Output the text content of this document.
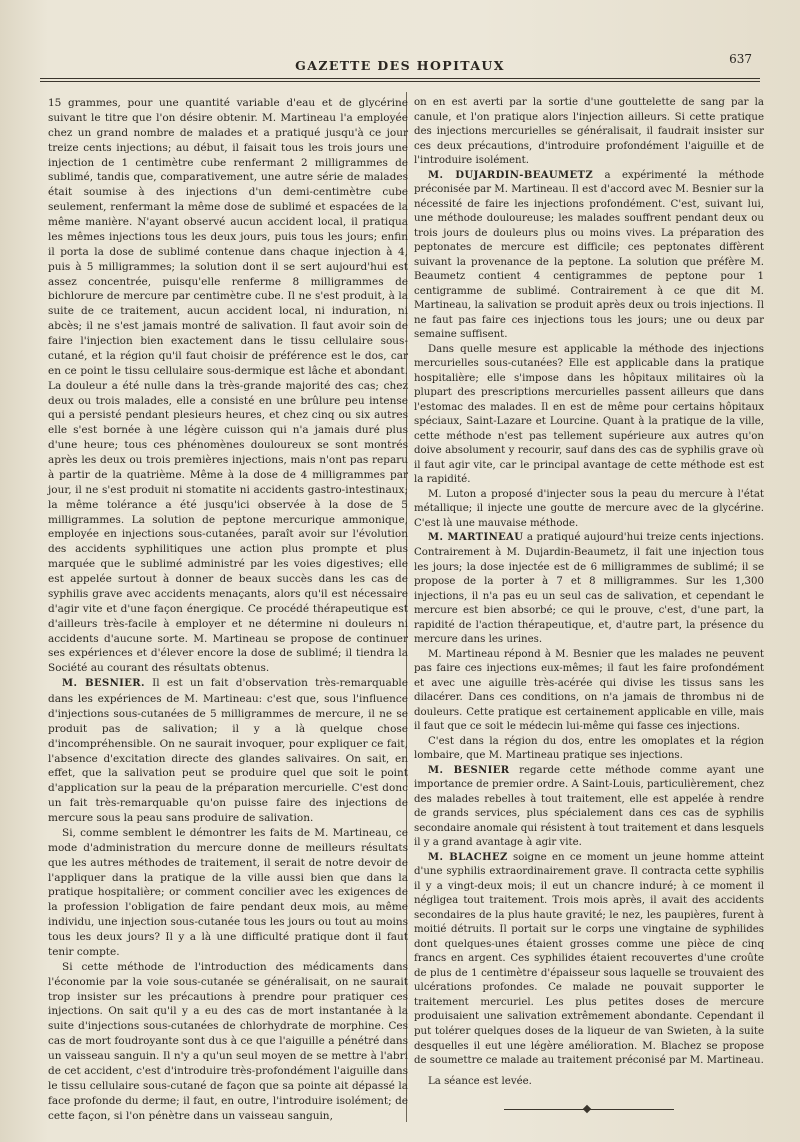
GAZETTE DES HOPITAUX	637

15 grammes, pour une quantité variable d'eau et de glycérine suivant le titre que l'on désire obtenir. M. Martineau l'a employée chez un grand nombre de malades et a pratiqué jusqu'à ce jour treize cents injections; au début, il faisait tous les trois jours une injection de 1 centimètre cube renfermant 2 milligrammes de sublimé, tandis que, comparativement, une autre série de malades était soumise à des injections d'un demi-centimètre cube seulement, renfermant la même dose de sublimé et espacées de la même manière. N'ayant observé aucun accident local, il pratiqua les mêmes injections tous les deux jours, puis tous les jours; enfin il porta la dose de sublimé contenue dans chaque injection à 4, puis à 5 milligrammes; la solution dont il se sert aujourd'hui est assez concentrée, puisqu'elle renferme 8 milligrammes de bichlorure de mercure par centimètre cube. Il ne s'est produit, à la suite de ce traitement, aucun accident local, ni induration, ni abcès; il ne s'est jamais montré de salivation. Il faut avoir soin de faire l'injection bien exactement dans le tissu cellulaire sous-cutané, et la région qu'il faut choisir de préférence est le dos, car en ce point le tissu cellulaire sous-dermique est lâche et abondant. La douleur a été nulle dans la très-grande majorité des cas; chez deux ou trois malades, elle a consisté en une brûlure peu intense qui a persisté pendant plesieurs heures, et chez cinq ou six autres elle s'est bornée à une légère cuisson qui n'a jamais duré plus d'une heure; tous ces phénomènes douloureux se sont montrés après les deux ou trois premières injections, mais n'ont pas reparu à partir de la quatrième. Même à la dose de 4 milligrammes par jour, il ne s'est produit ni stomatite ni accidents gastro-intestinaux; la même tolérance a été jusqu'ici observée à la dose de 5 milligrammes. La solution de peptone mercurique ammonique, employée en injections sous-cutanées, paraît avoir sur l'évolution des accidents syphilitiques une action plus prompte et plus marquée que le sublimé administré par les voies digestives; elle est appelée surtout à donner de beaux succès dans les cas de syphilis grave avec accidents menaçants, alors qu'il est nécessaire d'agir vite et d'une façon énergique. Ce procédé thérapeutique est d'ailleurs très-facile à employer et ne détermine ni douleurs ni accidents d'aucune sorte. M. Martineau se propose de continuer ses expériences et d'élever encore la dose de sublimé; il tiendra la Société au courant des résultats obtenus.

M. BESNIER. Il est un fait d'observation très-remarquable dans les expériences de M. Martineau: c'est que, sous l'influence d'injections sous-cutanées de 5 milligrammes de mercure, il ne se produit pas de salivation; il y a là quelque chose d'incompréhensible. On ne saurait invoquer, pour expliquer ce fait, l'absence d'excitation directe des glandes salivaires. On sait, en effet, que la salivation peut se produire quel que soit le point d'application sur la peau de la préparation mercurielle. C'est donc un fait très-remarquable qu'on puisse faire des injections de mercure sous la peau sans produire de salivation.

Si, comme semblent le démontrer les faits de M. Martineau, ce mode d'administration du mercure donne de meilleurs résultats que les autres méthodes de traitement, il serait de notre devoir de l'appliquer dans la pratique de la ville aussi bien que dans la pratique hospitalière; or comment concilier avec les exigences de la profession l'obligation de faire pendant deux mois, au même individu, une injection sous-cutanée tous les jours ou tout au moins tous les deux jours? Il y a là une difficulté pratique dont il faut tenir compte.

Si cette méthode de l'introduction des médicaments dans l'économie par la voie sous-cutanée se généralisait, on ne saurait trop insister sur les précautions à prendre pour pratiquer ces injections. On sait qu'il y a eu des cas de mort instantanée à la suite d'injections sous-cutanées de chlorhydrate de morphine. Ces cas de mort foudroyante sont dus à ce que l'aiguille a pénétré dans un vaisseau sanguin. Il n'y a qu'un seul moyen de se mettre à l'abri de cet accident, c'est d'introduire très-profondément l'aiguille dans le tissu cellulaire sous-cutané de façon que sa pointe ait dépassé la face profonde du derme; il faut, en outre, l'introduire isolément; de cette façon, si l'on pénètre dans un vaisseau sanguin,

on en est averti par la sortie d'une gouttelette de sang par la canule, et l'on pratique alors l'injection ailleurs. Si cette pratique des injections mercurielles se généralisait, il faudrait insister sur ces deux précautions, d'introduire profondément l'aiguille et de l'introduire isolément.

M. DUJARDIN-BEAUMETZ a expérimenté la méthode préconisée par M. Martineau. Il est d'accord avec M. Besnier sur la nécessité de faire les injections profondément. C'est, suivant lui, une méthode douloureuse; les malades souffrent pendant deux ou trois jours de douleurs plus ou moins vives. La préparation des peptonates de mercure est difficile; ces peptonates diffèrent suivant la provenance de la peptone. La solution que préfère M. Beaumetz contient 4 centigrammes de peptone pour 1 centigramme de sublimé. Contrairement à ce que dit M. Martineau, la salivation se produit après deux ou trois injections. Il ne faut pas faire ces injections tous les jours; une ou deux par semaine suffisent.

Dans quelle mesure est applicable la méthode des injections mercurielles sous-cutanées? Elle est applicable dans la pratique hospitalière; elle s'impose dans les hôpitaux militaires où la plupart des prescriptions mercurielles passent ailleurs que dans l'estomac des malades. Il en est de même pour certains hôpitaux spéciaux, Saint-Lazare et Lourcine. Quant à la pratique de la ville, cette méthode n'est pas tellement supérieure aux autres qu'on doive absolument y recourir, sauf dans des cas de syphilis grave où il faut agir vite, car le principal avantage de cette méthode est est la rapidité.

M. Luton a proposé d'injecter sous la peau du mercure à l'état métallique; il injecte une goutte de mercure avec de la glycérine. C'est là une mauvaise méthode.

M. MARTINEAU a pratiqué aujourd'hui treize cents injections. Contrairement à M. Dujardin-Beaumetz, il fait une injection tous les jours; la dose injectée est de 6 milligrammes de sublimé; il se propose de la porter à 7 et 8 milligrammes. Sur les 1,300 injections, il n'a pas eu un seul cas de salivation, et cependant le mercure est bien absorbé; ce qui le prouve, c'est, d'une part, la rapidité de l'action thérapeutique, et, d'autre part, la présence du mercure dans les urines.

M. Martineau répond à M. Besnier que les malades ne peuvent pas faire ces injections eux-mêmes; il faut les faire profondément et avec une aiguille très-acérée qui divise les tissus sans les dilacérer. Dans ces conditions, on n'a jamais de thrombus ni de douleurs. Cette pratique est certainement applicable en ville, mais il faut que ce soit le médecin lui-même qui fasse ces injections.

C'est dans la région du dos, entre les omoplates et la région lombaire, que M. Martineau pratique ses injections.

M. BESNIER regarde cette méthode comme ayant une importance de premier ordre. A Saint-Louis, particulièrement, chez des malades rebelles à tout traitement, elle est appelée à rendre de grands services, plus spécialement dans ces cas de syphilis secondaire anomale qui résistent à tout traitement et dans lesquels il y a grand avantage à agir vite.

M. BLACHEZ soigne en ce moment un jeune homme atteint d'une syphilis extraordinairement grave. Il contracta cette syphilis il y a vingt-deux mois; il eut un chancre induré; à ce moment il négligea tout traitement. Trois mois après, il avait des accidents secondaires de la plus haute gravité; le nez, les paupières, furent à moitié détruits. Il portait sur le corps une vingtaine de syphilides dont quelques-unes étaient grosses comme une pièce de cinq francs en argent. Ces syphilides étaient recouvertes d'une croûte de plus de 1 centimètre d'épaisseur sous laquelle se trouvaient des ulcérations profondes. Ce malade ne pouvait supporter le traitement mercuriel. Les plus petites doses de mercure produisaient une salivation extrêmement abondante. Cependant il put tolérer quelques doses de la liqueur de van Swieten, à la suite desquelles il eut une légère amélioration. M. Blachez se propose de soumettre ce malade au traitement préconisé par M. Martineau.

La séance est levée.
